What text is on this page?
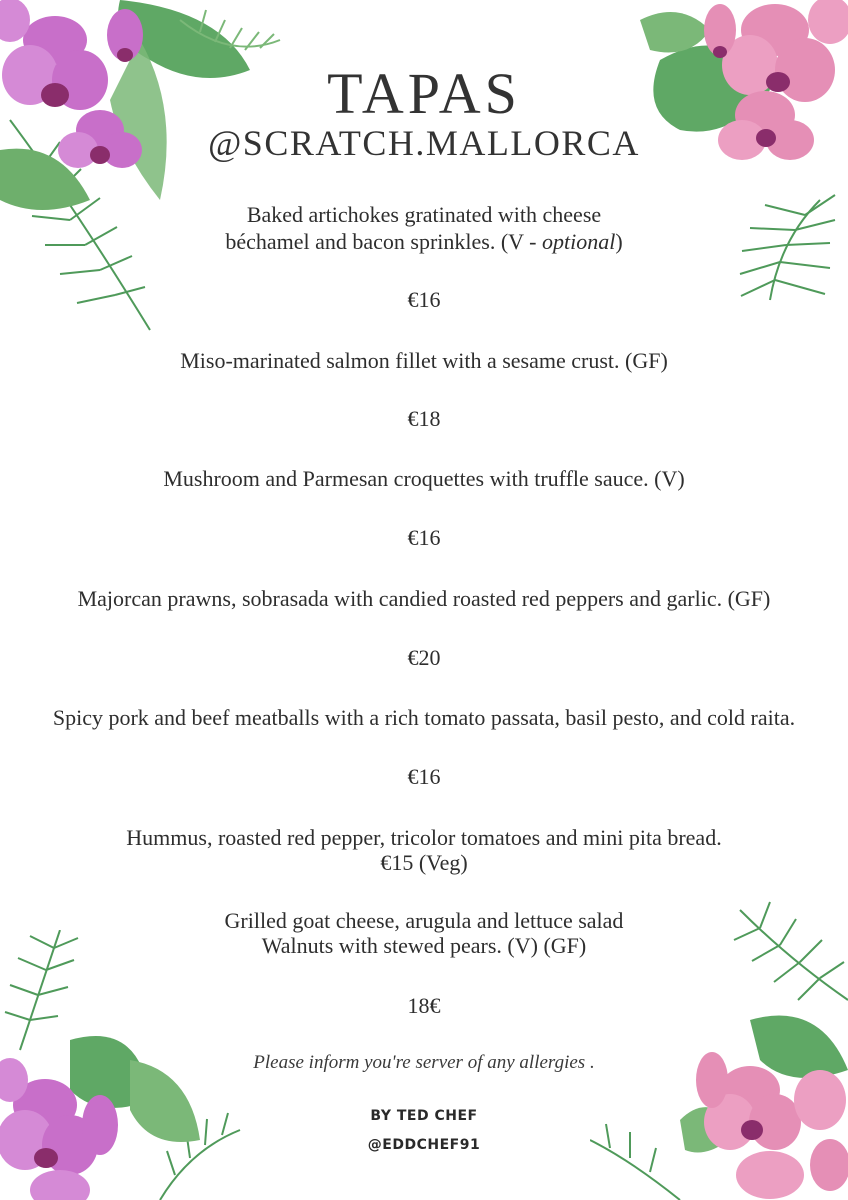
TAPAS
@SCRATCH.MALLORCA
Baked artichokes gratinated with cheese
béchamel and bacon sprinkles. (V - optional)
€16
Miso-marinated salmon fillet with a sesame crust. (GF)
€18
Mushroom and Parmesan croquettes with truffle sauce. (V)
€16
Majorcan prawns, sobrasada with candied roasted red peppers and garlic. (GF)
€20
Spicy pork and beef meatballs with a rich tomato passata, basil pesto, and cold raita.
€16
Hummus, roasted red pepper, tricolor tomatoes and mini pita bread.
€15 (Veg)
Grilled goat cheese, arugula and lettuce salad
Walnuts with stewed pears. (V) (GF)
18€
Please inform you're server of any allergies .
BY TED CHEF
@EDDCHEF91
